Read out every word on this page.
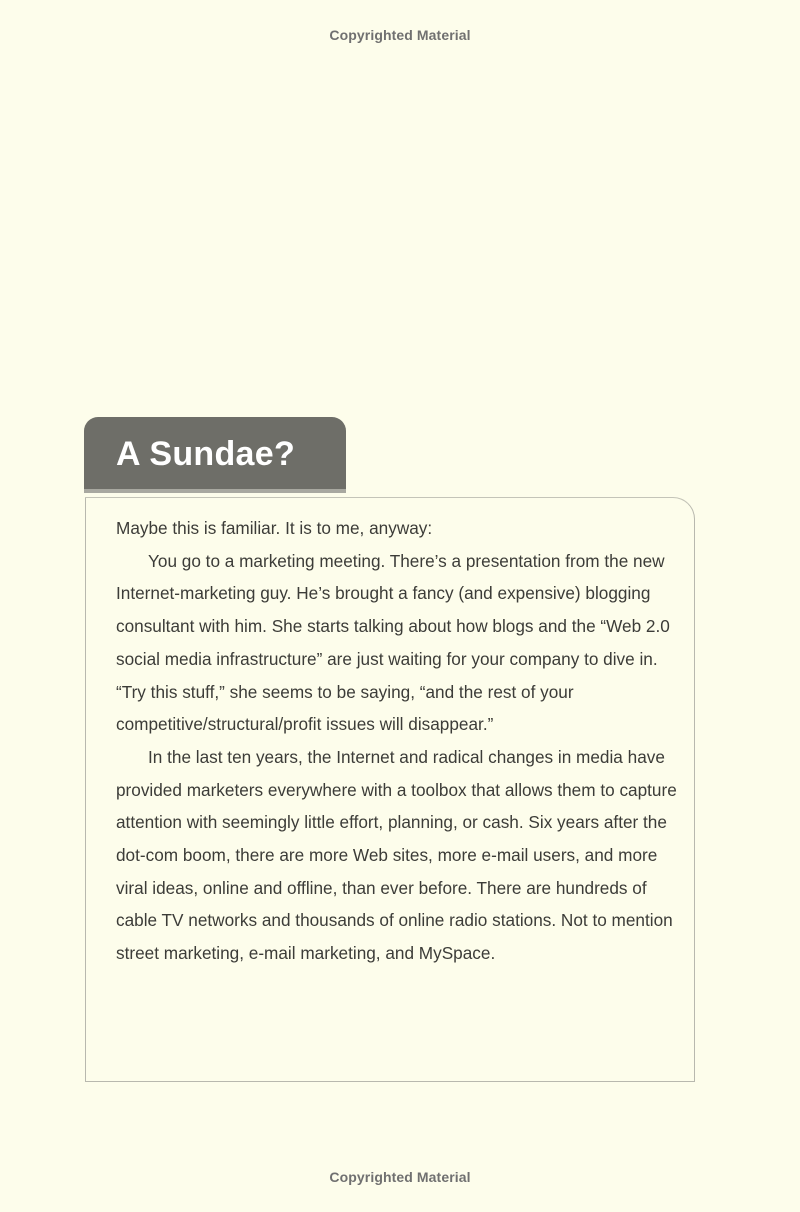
Copyrighted Material
A Sundae?

Maybe this is familiar. It is to me, anyway:

You go to a marketing meeting. There’s a presentation from the new Internet-marketing guy. He’s brought a fancy (and expensive) blogging consultant with him. She starts talking about how blogs and the “Web 2.0 social media infrastructure” are just waiting for your company to dive in. “Try this stuff,” she seems to be saying, “and the rest of your competitive/structural/profit issues will disappear.”

In the last ten years, the Internet and radical changes in media have provided marketers everywhere with a toolbox that allows them to capture attention with seemingly little effort, planning, or cash. Six years after the dot-com boom, there are more Web sites, more e-mail users, and more viral ideas, online and offline, than ever before. There are hundreds of cable TV networks and thousands of online radio stations. Not to mention street marketing, e-mail marketing, and MySpace.

Copyrighted Material
